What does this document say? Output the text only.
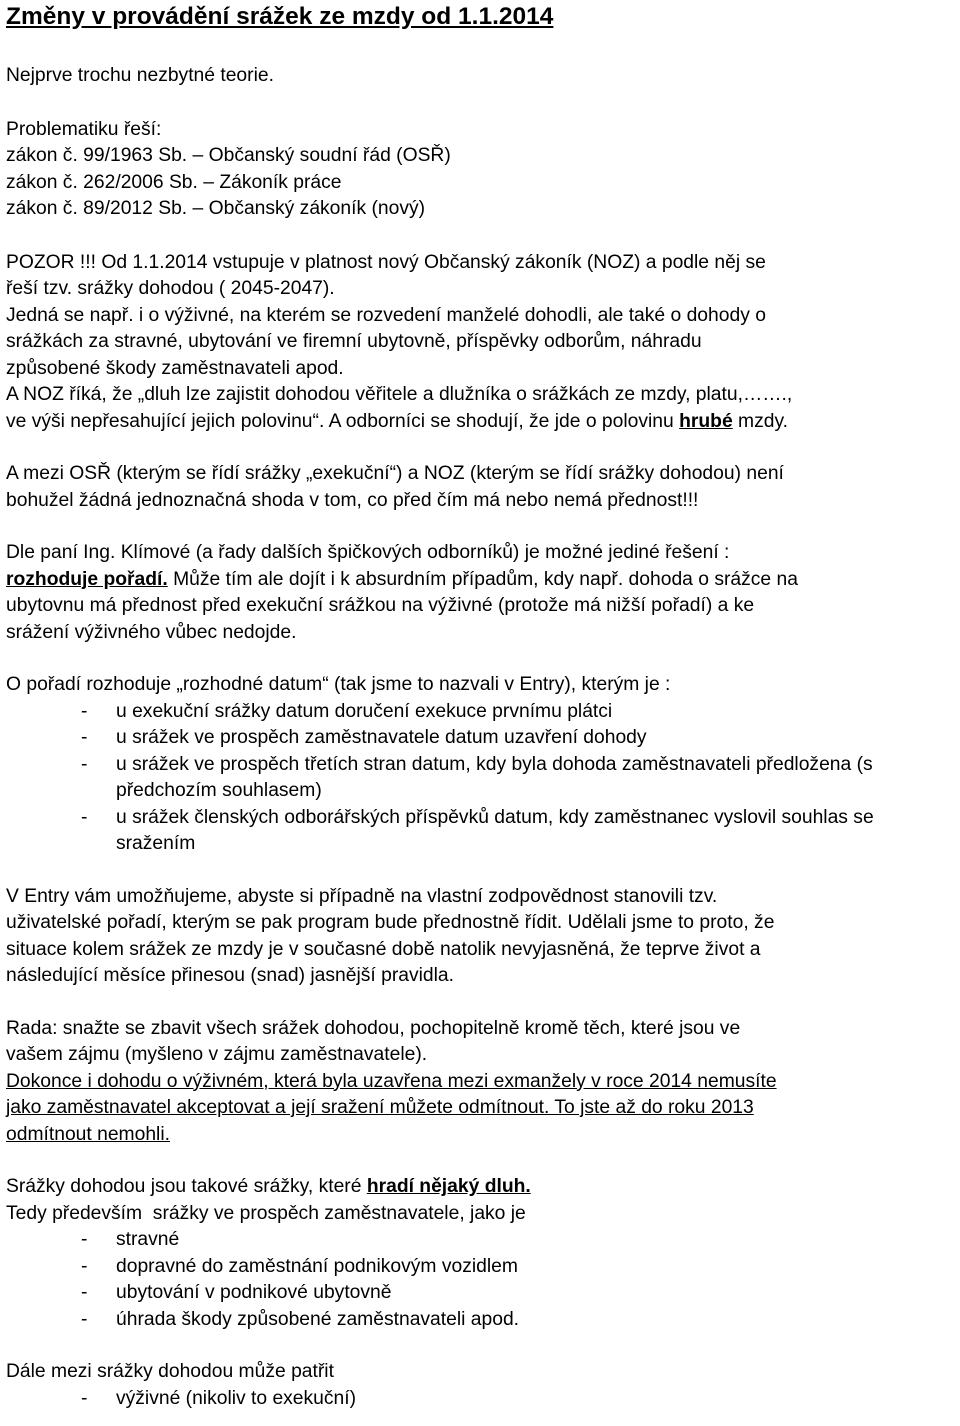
Změny v provádění srážek ze mzdy od 1.1.2014

Nejprve trochu nezbytné teorie.

Problematiku řeší:

zákon č. 99/1963 Sb. – Občanský soudní řád (OSŘ)

zákon č. 262/2006 Sb. – Zákoník práce

zákon č. 89/2012 Sb. – Občanský zákoník (nový)

POZOR !!! Od 1.1.2014 vstupuje v platnost nový Občanský zákoník (NOZ) a podle něj se

řeší tzv. srážky dohodou ( 2045-2047).

Jedná se např. i o výživné, na kterém se rozvedení manželé dohodli, ale také o dohody o

srážkách za stravné, ubytování ve firemní ubytovně, příspěvky odborům, náhradu

způsobené škody zaměstnavateli apod.

A NOZ říká, že „dluh lze zajistit dohodou věřitele a dlužníka o srážkách ze mzdy, platu,…….,

ve výši nepřesahující jejich polovinu“. A odborníci se shodují, že jde o polovinu hrubé mzdy.

A mezi OSŘ (kterým se řídí srážky „exekuční“) a NOZ (kterým se řídí srážky dohodou) není

bohužel žádná jednoznačná shoda v tom, co před čím má nebo nemá přednost!!!

Dle paní Ing. Klímové (a řady dalších špičkových odborníků) je možné jediné řešení :

rozhoduje pořadí. Může tím ale dojít i k absurdním případům, kdy např. dohoda o srážce na

ubytovnu má přednost před exekuční srážkou na výživné (protože má nižší pořadí) a ke

srážení výživného vůbec nedojde.

O pořadí rozhoduje „rozhodné datum“ (tak jsme to nazvali v Entry), kterým je :

- u exekuční srážky datum doručení exekuce prvnímu plátci
- u srážek ve prospěch zaměstnavatele datum uzavření dohody
- u srážek ve prospěch třetích stran datum, kdy byla dohoda zaměstnavateli předložena (s předchozím souhlasem)
- u srážek členských odborářských příspěvků datum, kdy zaměstnanec vyslovil souhlas se sražením

V Entry vám umožňujeme, abyste si případně na vlastní zodpovědnost stanovili tzv.

uživatelské pořadí, kterým se pak program bude přednostně řídit. Udělali jsme to proto, že

situace kolem srážek ze mzdy je v současné době natolik nevyjasněná, že teprve život a

následující měsíce přinesou (snad) jasnější pravidla.

Rada: snažte se zbavit všech srážek dohodou, pochopitelně kromě těch, které jsou ve

vašem zájmu (myšleno v zájmu zaměstnavatele).

Dokonce i dohodu o výživném, která byla uzavřena mezi exmanžely v roce 2014 nemusíte

jako zaměstnavatel akceptovat a její sražení můžete odmítnout. To jste až do roku 2013

odmítnout nemohli.

Srážky dohodou jsou takové srážky, které hradí nějaký dluh.

Tedy především  srážky ve prospěch zaměstnavatele, jako je

- stravné
- dopravné do zaměstnání podnikovým vozidlem
- ubytování v podnikové ubytovně
- úhrada škody způsobené zaměstnavateli apod.

Dále mezi srážky dohodou může patřit

- výživné (nikoliv to exekuční)
